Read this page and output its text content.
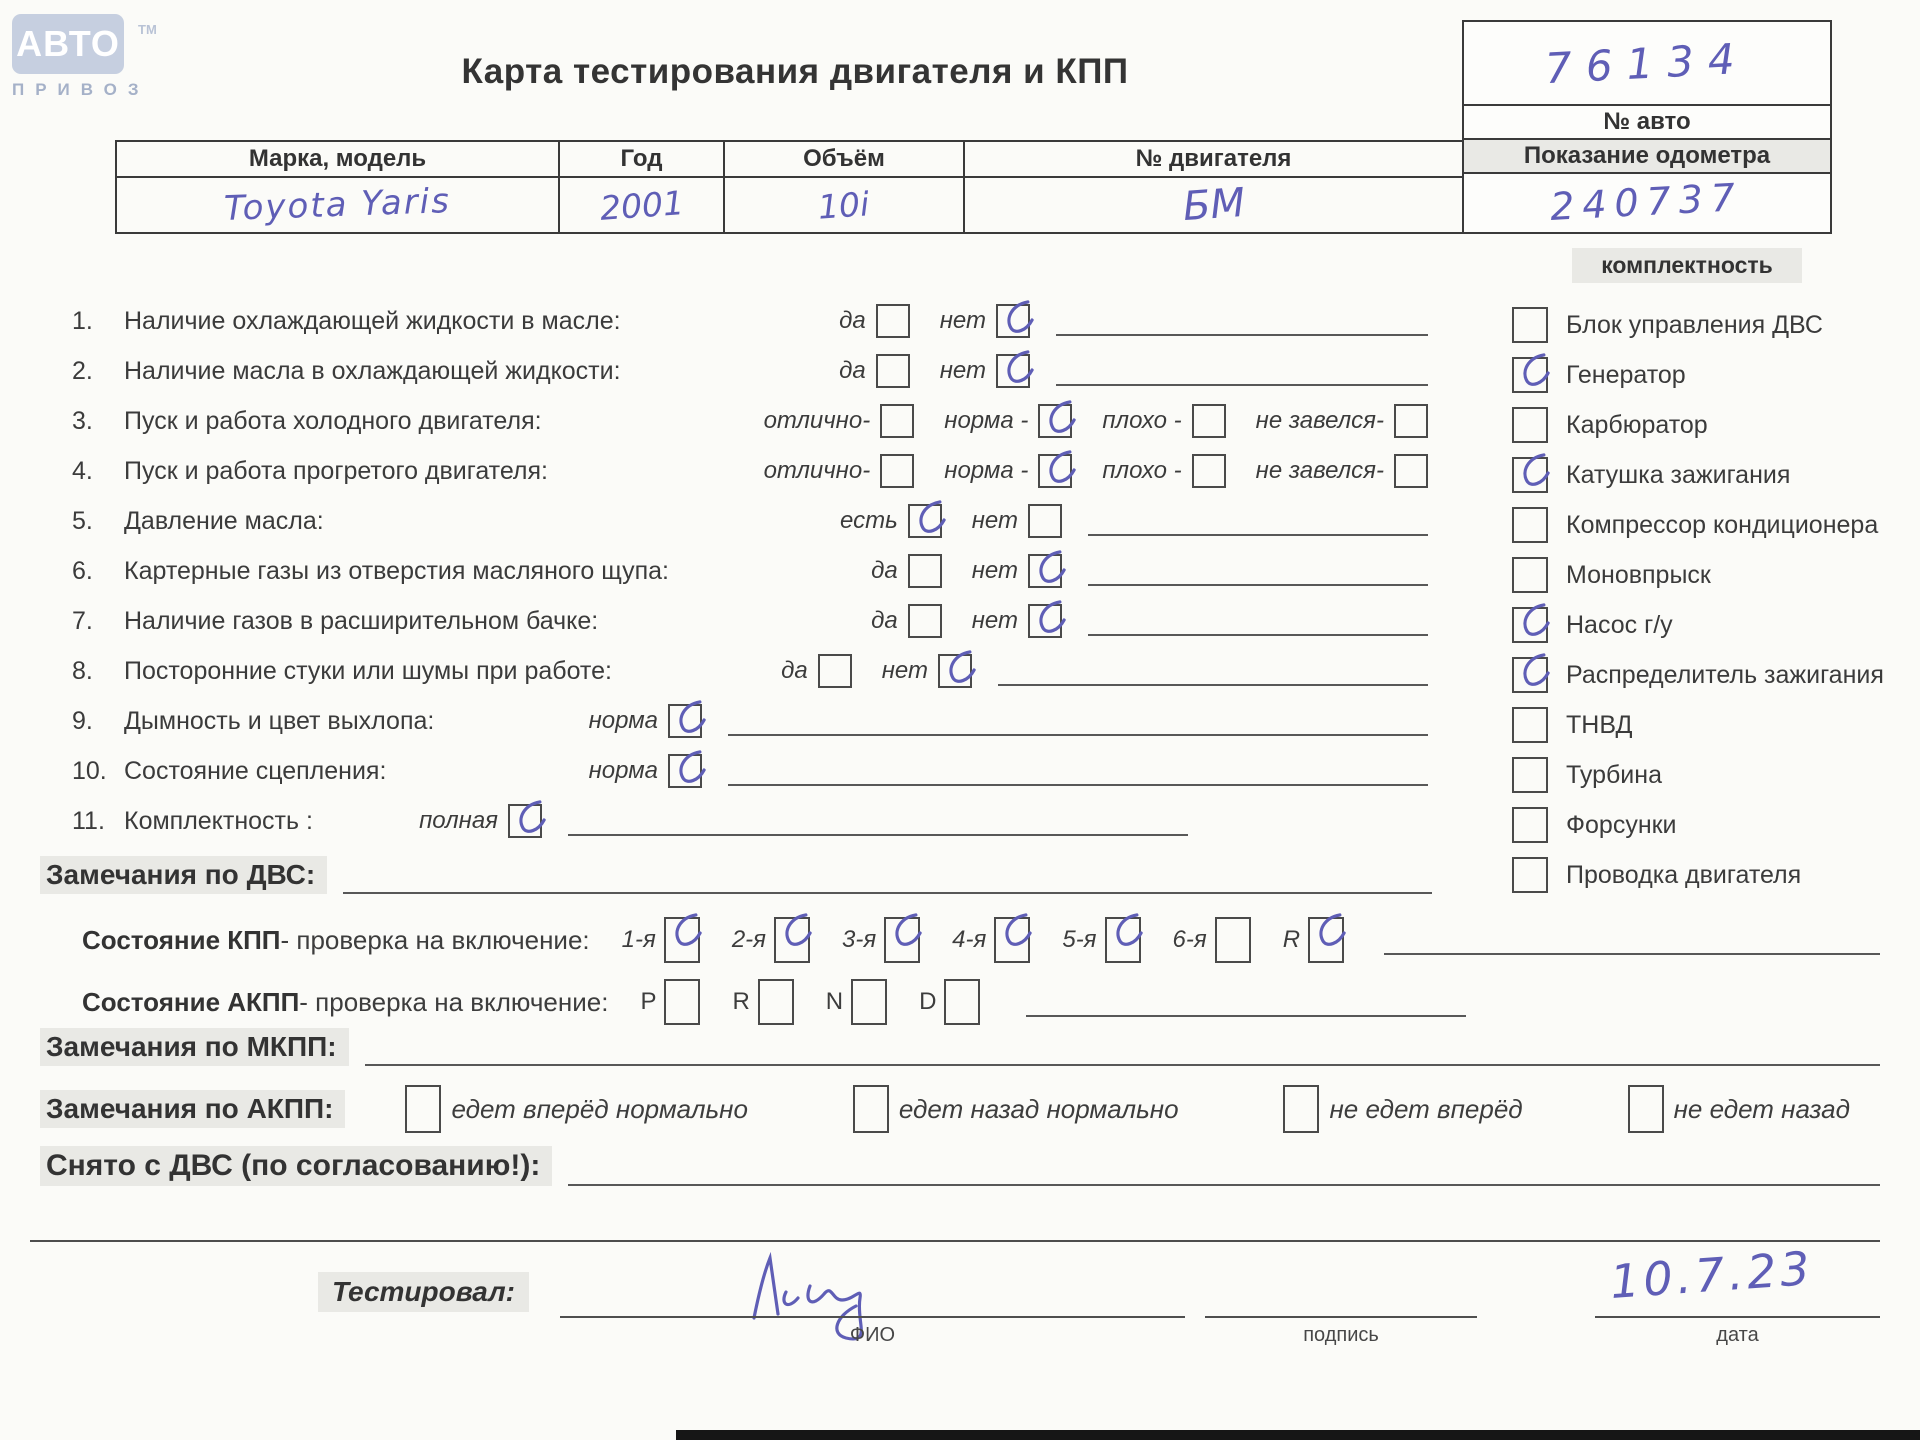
АВТО TM
ПРИВОЗ	Карта тестирования двигателя и КПП
Марка, модель	Год	Объём	№ двигателя
Toyota Yaris	2001	10i	БМ
76134
№ авто
Показание одометра
240737
комплектность
1.	Наличие охлаждающей жидкости в масле:	да	нет
2.	Наличие масла в охлаждающей жидкости:	да	нет
3.	Пуск и работа холодного двигателя:	отлично-	норма -	плохо -	не завелся-
4.	Пуск и работа прогретого двигателя:	отлично-	норма -	плохо -	не завелся-
5.	Давление масла:	есть	нет
6.	Картерные газы из отверстия масляного щупа:	да	нет
7.	Наличие газов в расширительном бачке:	да	нет
8.	Посторонние стуки или шумы при работе:	да	нет
9.	Дымность и цвет выхлопа:	норма
10. Состояние сцепления:	норма
11. Комплектность :	полная
Блок управления ДВС
Генератор
Карбюратор
Катушка зажигания
Компрессор кондиционера
Моновпрыск
Насос г/у
Распределитель зажигания
ТНВД
Турбина
Форсунки
Проводка двигателя
Замечания по ДВС:
Состояние КПП - проверка на включение: 1-я	2-я	3-я	4-я	5-я	6-я	R
Состояние АКПП - проверка на включение: P	R	N	D
Замечания по МКПП:
Замечания по АКПП:	едет вперёд нормально	едет назад нормально	не едет вперёд	не едет назад
Снято с ДВС (по согласованию!):
Тестировал:
ФИО	подпись
10.7.23
дата
